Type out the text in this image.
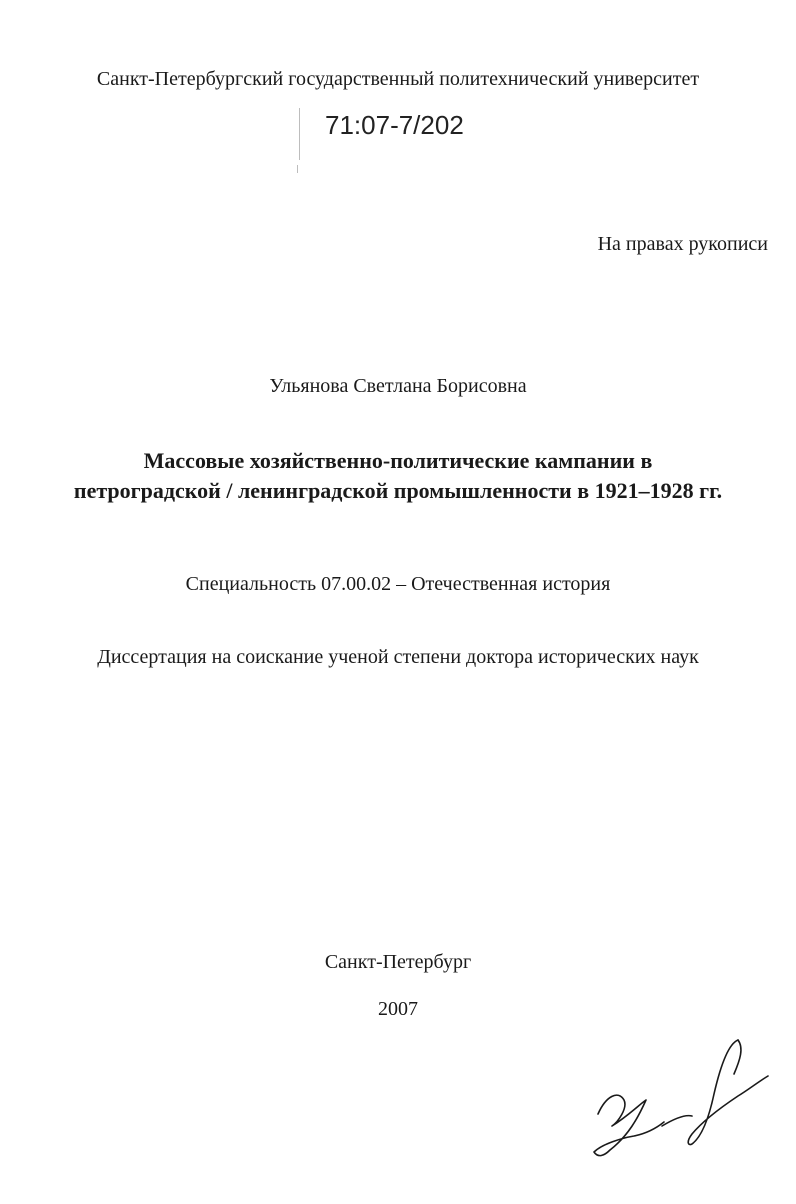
Санкт-Петербургский государственный политехнический университет
71:07-7/202
На правах рукописи
Ульянова Светлана Борисовна
Массовые хозяйственно-политические кампании в
петроградской / ленинградской промышленности в 1921–1928 гг.
Специальность 07.00.02 – Отечественная история
Диссертация на соискание ученой степени доктора исторических наук
Санкт-Петербург
2007
